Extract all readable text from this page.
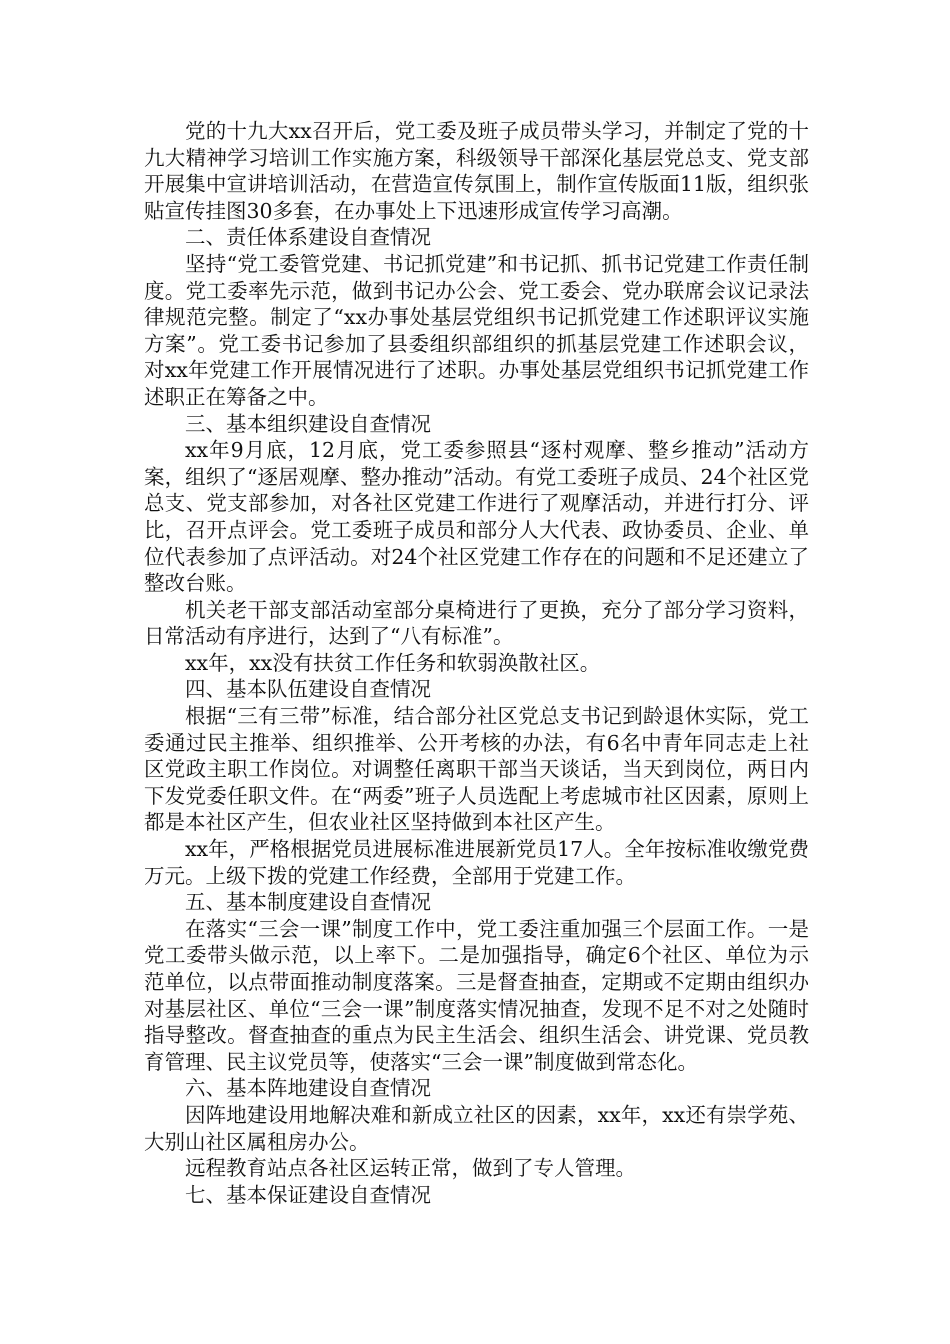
党的十九大xx召开后，党工委及班子成员带头学习，并制定了党的十九大精神学习培训工作实施方案，科级领导干部深化基层党总支、党支部开展集中宣讲培训活动，在营造宣传氛围上，制作宣传版面11版，组织张贴宣传挂图30多套，在办事处上下迅速形成宣传学习高潮。

二、责任体系建设自查情况

坚持“党工委管党建、书记抓党建”和书记抓、抓书记党建工作责任制度。党工委率先示范，做到书记办公会、党工委会、党办联席会议记录法律规范完整。制定了“xx办事处基层党组织书记抓党建工作述职评议实施方案”。党工委书记参加了县委组织部组织的抓基层党建工作述职会议，对xx年党建工作开展情况进行了述职。办事处基层党组织书记抓党建工作述职正在筹备之中。

三、基本组织建设自查情况

xx年9月底，12月底，党工委参照县“逐村观摩、整乡推动”活动方案，组织了“逐居观摩、整办推动”活动。有党工委班子成员、24个社区党总支、党支部参加，对各社区党建工作进行了观摩活动，并进行打分、评比，召开点评会。党工委班子成员和部分人大代表、政协委员、企业、单位代表参加了点评活动。对24个社区党建工作存在的问题和不足还建立了整改台账。

机关老干部支部活动室部分桌椅进行了更换，充分了部分学习资料，日常活动有序进行，达到了“八有标准”。

xx年，xx没有扶贫工作任务和软弱涣散社区。

四、基本队伍建设自查情况

根据“三有三带”标准，结合部分社区党总支书记到龄退休实际，党工委通过民主推举、组织推举、公开考核的办法，有6名中青年同志走上社区党政主职工作岗位。对调整任离职干部当天谈话，当天到岗位，两日内下发党委任职文件。在“两委”班子人员选配上考虑城市社区因素，原则上都是本社区产生，但农业社区坚持做到本社区产生。

xx年，严格根据党员进展标准进展新党员17人。全年按标准收缴党费万元。上级下拨的党建工作经费，全部用于党建工作。

五、基本制度建设自查情况

在落实“三会一课”制度工作中，党工委注重加强三个层面工作。一是党工委带头做示范，以上率下。二是加强指导，确定6个社区、单位为示范单位，以点带面推动制度落案。三是督查抽查，定期或不定期由组织办对基层社区、单位“三会一课”制度落实情况抽查，发现不足不对之处随时指导整改。督查抽查的重点为民主生活会、组织生活会、讲党课、党员教育管理、民主议党员等，使落实“三会一课”制度做到常态化。

六、基本阵地建设自查情况

因阵地建设用地解决难和新成立社区的因素，xx年，xx还有崇学苑、大别山社区属租房办公。

远程教育站点各社区运转正常，做到了专人管理。

七、基本保证建设自查情况
